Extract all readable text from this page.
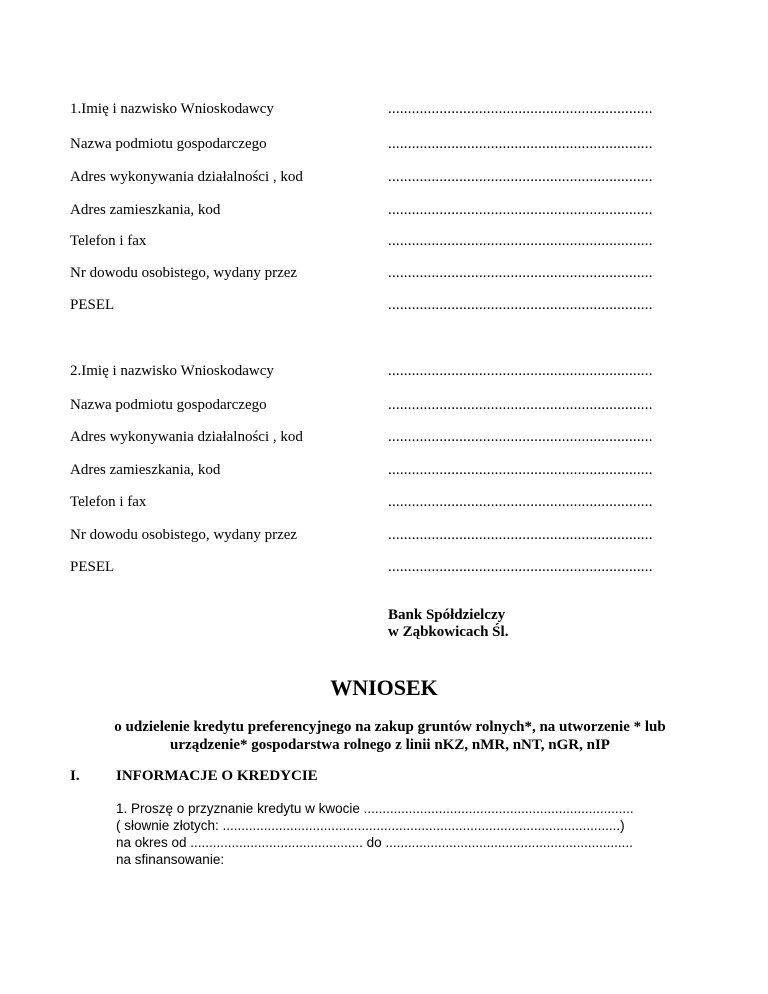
1.Imię i nazwisko Wnioskodawcy	...................................................................
Nazwa podmiotu gospodarczego	...................................................................
Adres wykonywania działalności , kod	...................................................................
Adres zamieszkania, kod	...................................................................
Telefon i fax	...................................................................
Nr dowodu osobistego, wydany przez	...................................................................
PESEL	...................................................................
2.Imię i nazwisko Wnioskodawcy	...................................................................
Nazwa podmiotu gospodarczego	...................................................................
Adres wykonywania działalności , kod	...................................................................
Adres zamieszkania, kod	...................................................................
Telefon i fax	...................................................................
Nr dowodu osobistego, wydany przez	...................................................................
PESEL	...................................................................
Bank Spółdzielczy
w Ząbkowicach Śl.
WNIOSEK
o udzielenie kredytu preferencyjnego na zakup gruntów rolnych*, na utworzenie * lub urządzenie* gospodarstwa rolnego z linii nKZ, nMR, nNT, nGR, nIP
I. INFORMACJE O KREDYCIE
1. Proszę o przyznanie kredytu w kwocie ........................................................................
( słownie złotych: ..........................................................................................................)
na okres od .............................................. do ..................................................................
na sfinansowanie:
